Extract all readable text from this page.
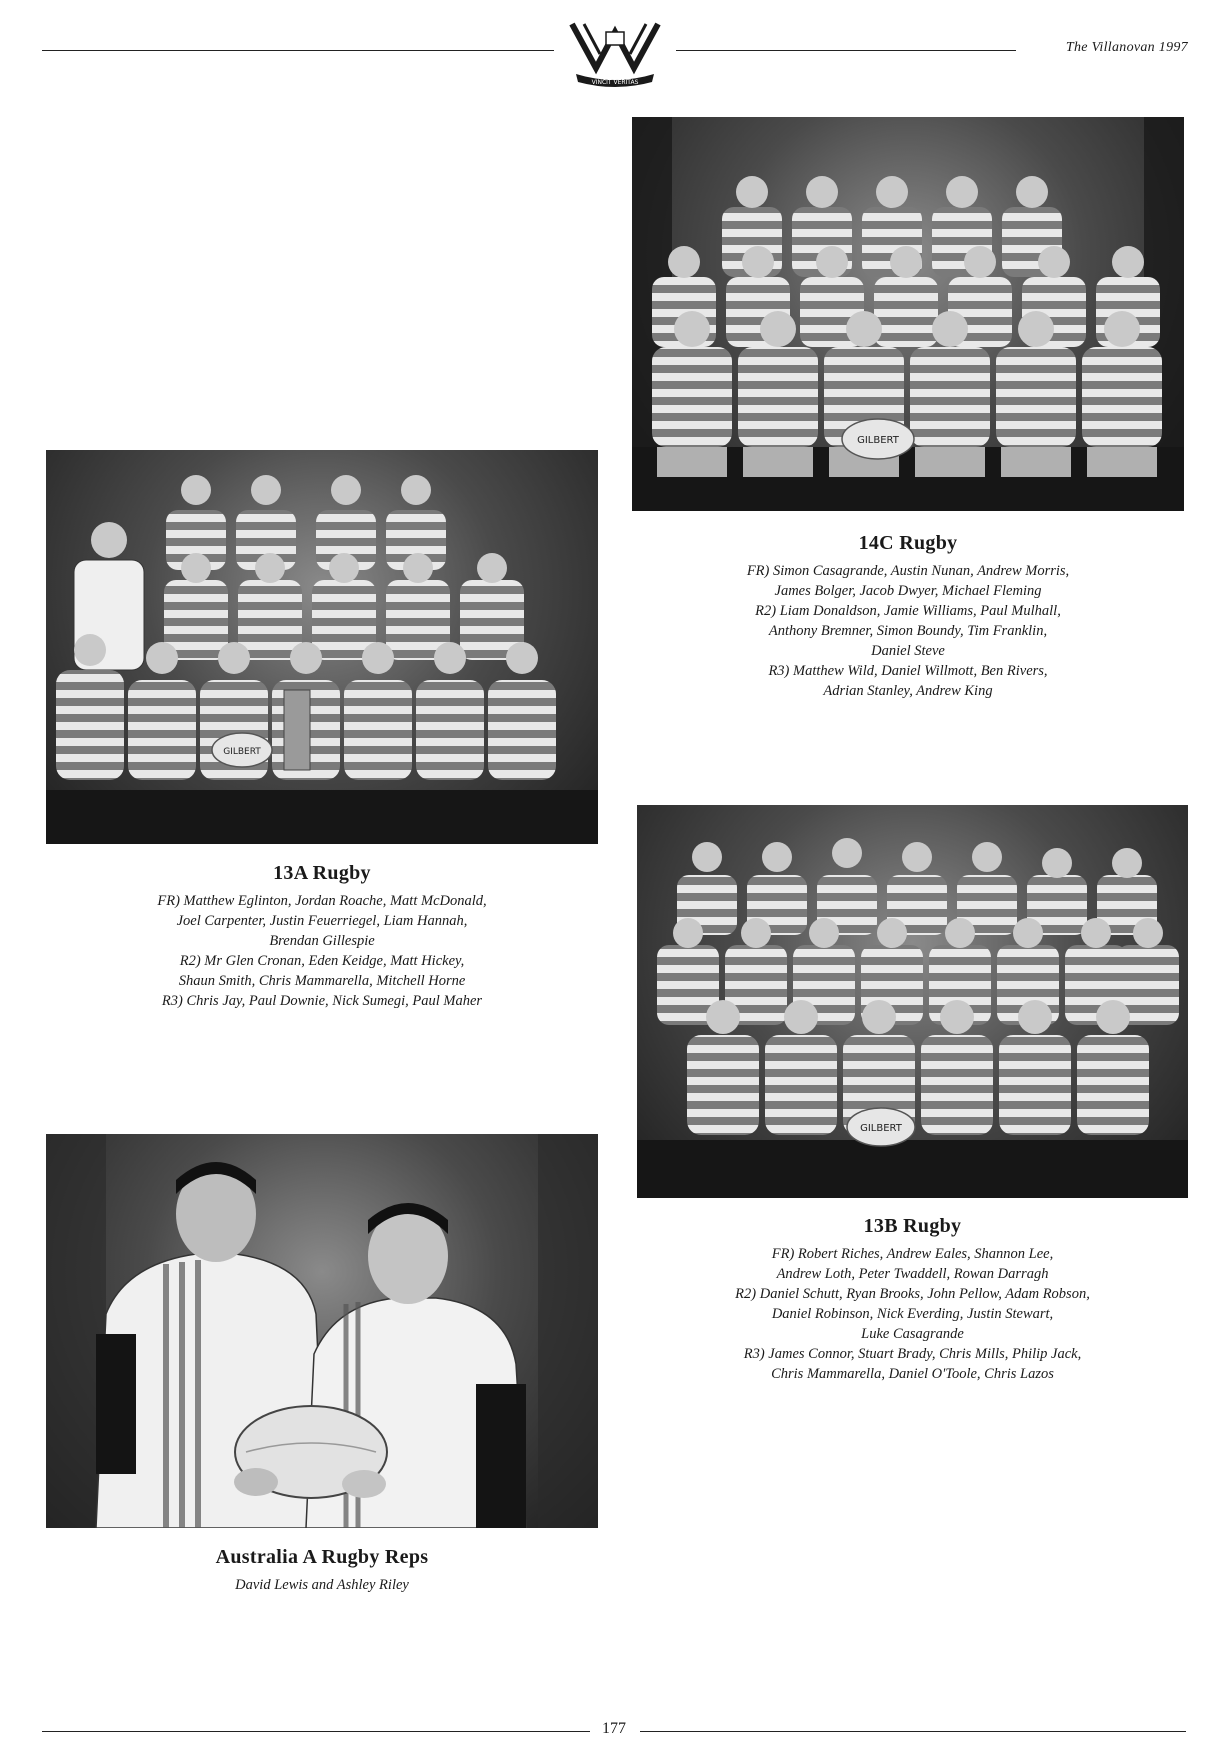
The Villanovan 1997
VINCIT VERITAS
GILBERT

14C Rugby

FR) Simon Casagrande, Austin Nunan, Andrew Morris,

James Bolger, Jacob Dwyer, Michael Fleming

R2) Liam Donaldson, Jamie Williams, Paul Mulhall,

Anthony Bremner, Simon Boundy, Tim Franklin,

Daniel Steve

R3) Matthew Wild, Daniel Willmott, Ben Rivers,

Adrian Stanley, Andrew King

GILBERT

13A Rugby

FR) Matthew Eglinton, Jordan Roache, Matt McDonald,

Joel Carpenter, Justin Feuerriegel, Liam Hannah,

Brendan Gillespie

R2) Mr Glen Cronan, Eden Keidge, Matt Hickey,

Shaun Smith, Chris Mammarella, Mitchell Horne

R3) Chris Jay, Paul Downie, Nick Sumegi, Paul Maher

GILBERT

13B Rugby

FR) Robert Riches, Andrew Eales, Shannon Lee,

Andrew Loth, Peter Twaddell, Rowan Darragh

R2) Daniel Schutt, Ryan Brooks, John Pellow, Adam Robson,

Daniel Robinson, Nick Everding, Justin Stewart,

Luke Casagrande

R3) James Connor, Stuart Brady, Chris Mills, Philip Jack,

Chris Mammarella, Daniel O'Toole, Chris Lazos

Australia A Rugby Reps

David Lewis and Ashley Riley

177
